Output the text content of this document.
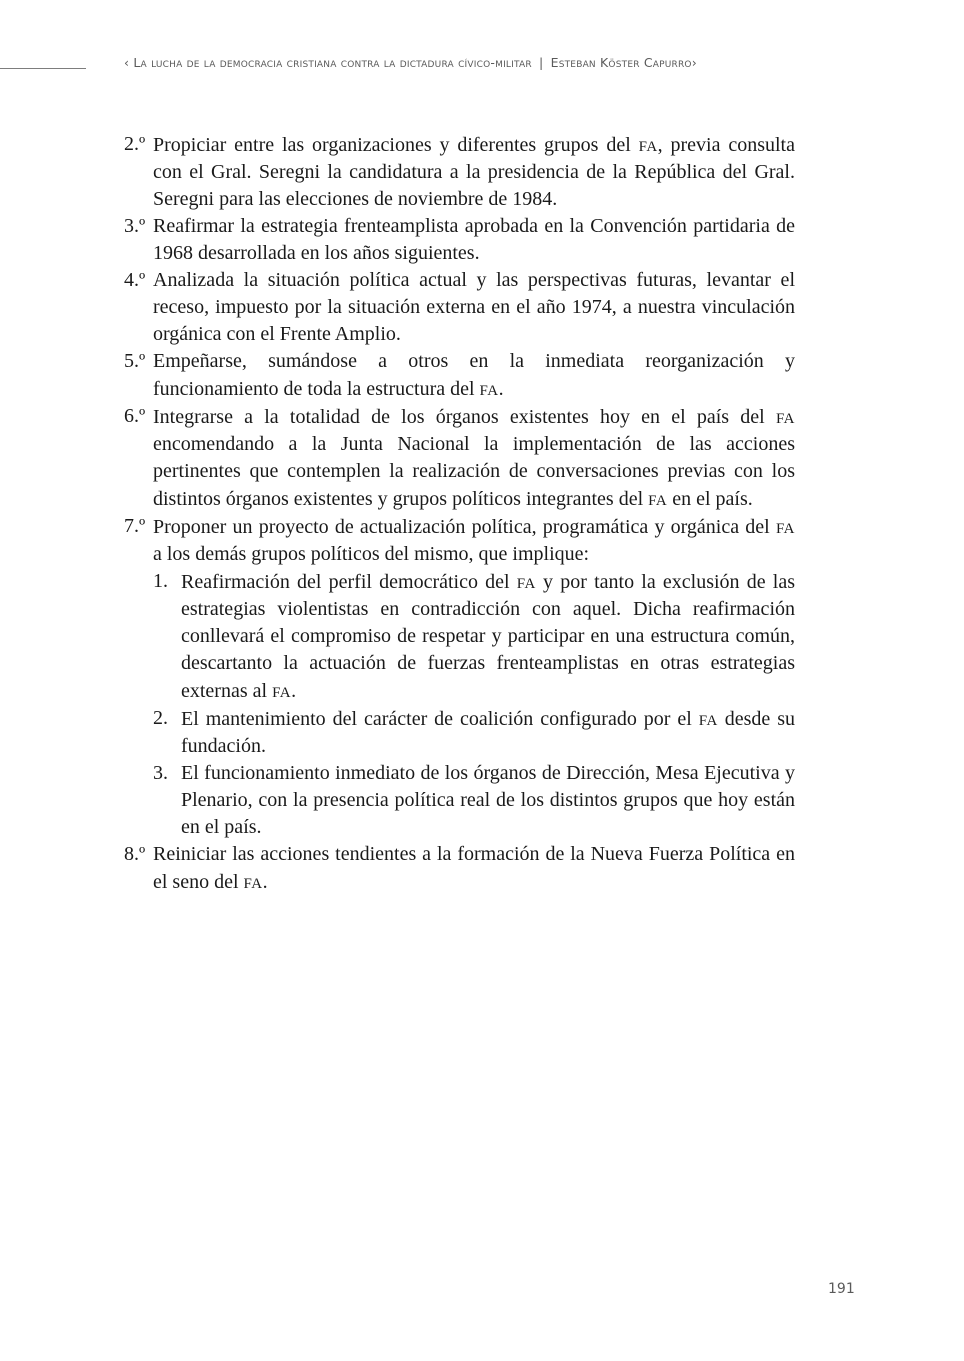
‹ La lucha de la democracia cristiana contra la dictadura cívico-militar | Esteban Köster Capurro›
2.º Propiciar entre las organizaciones y diferentes grupos del fa, previa consulta con el Gral. Seregni la candidatura a la presidencia de la República del Gral. Seregni para las elecciones de noviembre de 1984.
3.º Reafirmar la estrategia frenteamplista aprobada en la Convención partidaria de 1968 desarrollada en los años siguientes.
4.º Analizada la situación política actual y las perspectivas futuras, levantar el receso, impuesto por la situación externa en el año 1974, a nuestra vinculación orgánica con el Frente Amplio.
5.º Empeñarse, sumándose a otros en la inmediata reorganización y funcionamiento de toda la estructura del fa.
6.º Integrarse a la totalidad de los órganos existentes hoy en el país del fa encomendando a la Junta Nacional la implementación de las acciones pertinentes que contemplen la realización de conversaciones previas con los distintos órganos existentes y grupos políticos integrantes del fa en el país.
7.º Proponer un proyecto de actualización política, programática y orgánica del fa a los demás grupos políticos del mismo, que implique:
1. Reafirmación del perfil democrático del fa y por tanto la exclusión de las estrategias violentistas en contradicción con aquel. Dicha reafirmación conllevará el compromiso de respetar y participar en una estructura común, descartanto la actuación de fuerzas frenteamplistas en otras estrategias externas al fa.
2. El mantenimiento del carácter de coalición configurado por el fa desde su fundación.
3. El funcionamiento inmediato de los órganos de Dirección, Mesa Ejecutiva y Plenario, con la presencia política real de los distintos grupos que hoy están en el país.
8.º Reiniciar las acciones tendientes a la formación de la Nueva Fuerza Política en el seno del fa.
191
